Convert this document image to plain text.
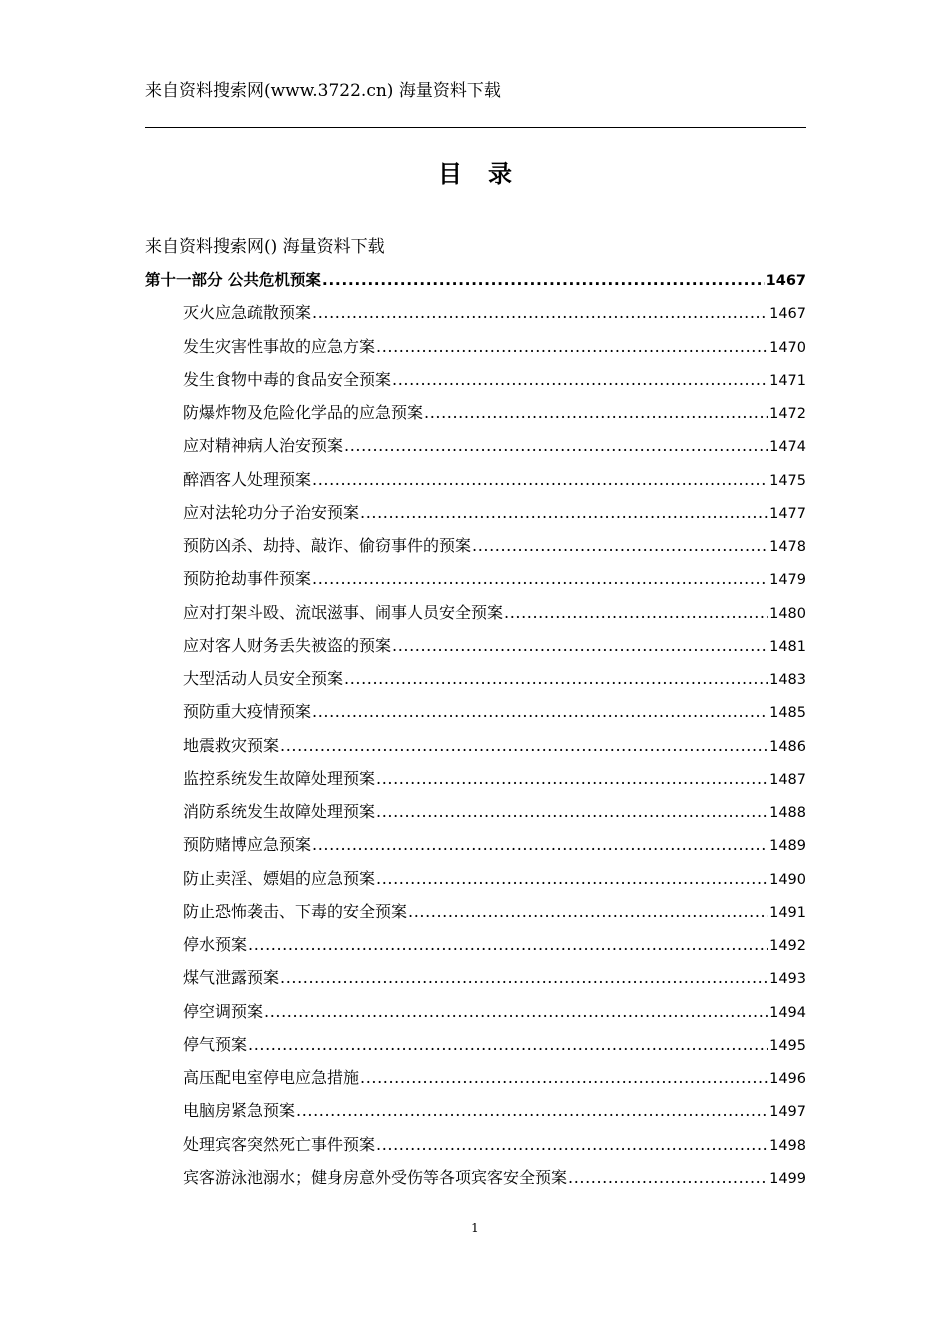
来自资料搜索网(www.3722.cn) 海量资料下载
目录
来自资料搜索网() 海量资料下载
第十一部分 公共危机预案 .....	1467
灭火应急疏散预案 .....	1467
发生灾害性事故的应急方案 .....	1470
发生食物中毒的食品安全预案 .....	1471
防爆炸物及危险化学品的应急预案 .....	1472
应对精神病人治安预案 .....	1474
醉酒客人处理预案 .....	1475
应对法轮功分子治安预案 .....	1477
预防凶杀、劫持、敲诈、偷窃事件的预案 .....	1478
预防抢劫事件预案 .....	1479
应对打架斗殴、流氓滋事、闹事人员安全预案 .....	1480
应对客人财务丢失被盗的预案 .....	1481
大型活动人员安全预案 .....	1483
预防重大疫情预案 .....	1485
地震救灾预案 .....	1486
监控系统发生故障处理预案 .....	1487
消防系统发生故障处理预案 .....	1488
预防赌博应急预案 .....	1489
防止卖淫、嫖娼的应急预案 .....	1490
防止恐怖袭击、下毒的安全预案 .....	1491
停水预案 .....	1492
煤气泄露预案 .....	1493
停空调预案 .....	1494
停气预案 .....	1495
高压配电室停电应急措施 .....	1496
电脑房紧急预案 .....	1497
处理宾客突然死亡事件预案 .....	1498
宾客游泳池溺水；健身房意外受伤等各项宾客安全预案 .....	1499
1
